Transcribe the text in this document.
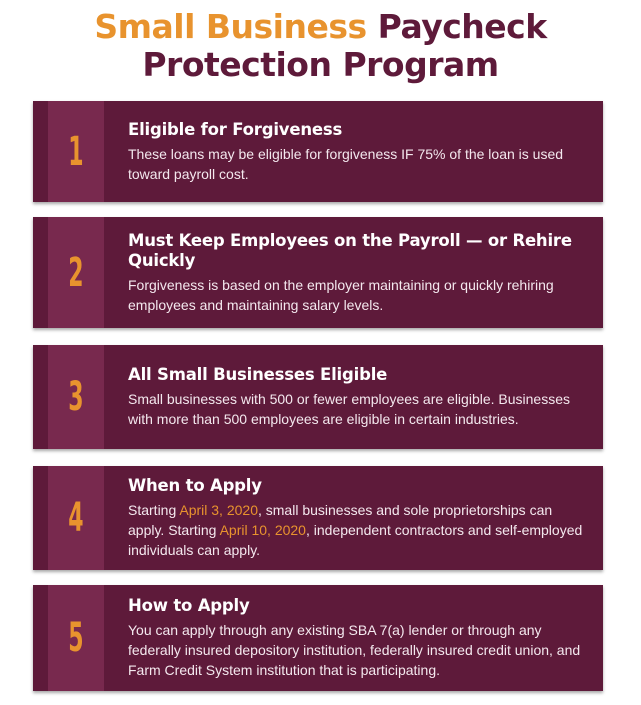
Small Business Paycheck
Protection Program
1	Eligible for Forgiveness
These loans may be eligible for forgiveness IF 75% of the loan is used toward payroll cost.
2
Must Keep Employees on the Payroll — or Rehire Quickly
Forgiveness is based on the employer maintaining or quickly rehiring employees and maintaining salary levels.
3	All Small Businesses Eligible
Small businesses with 500 or fewer employees are eligible. Businesses with more than 500 employees are eligible in certain industries.
4
When to Apply
Starting April 3, 2020, small businesses and sole proprietorships can apply. Starting April 10, 2020, independent contractors and self-employed individuals can apply.
5
How to Apply
You can apply through any existing SBA 7(a) lender or through any federally insured depository institution, federally insured credit union, and Farm Credit System institution that is participating.
